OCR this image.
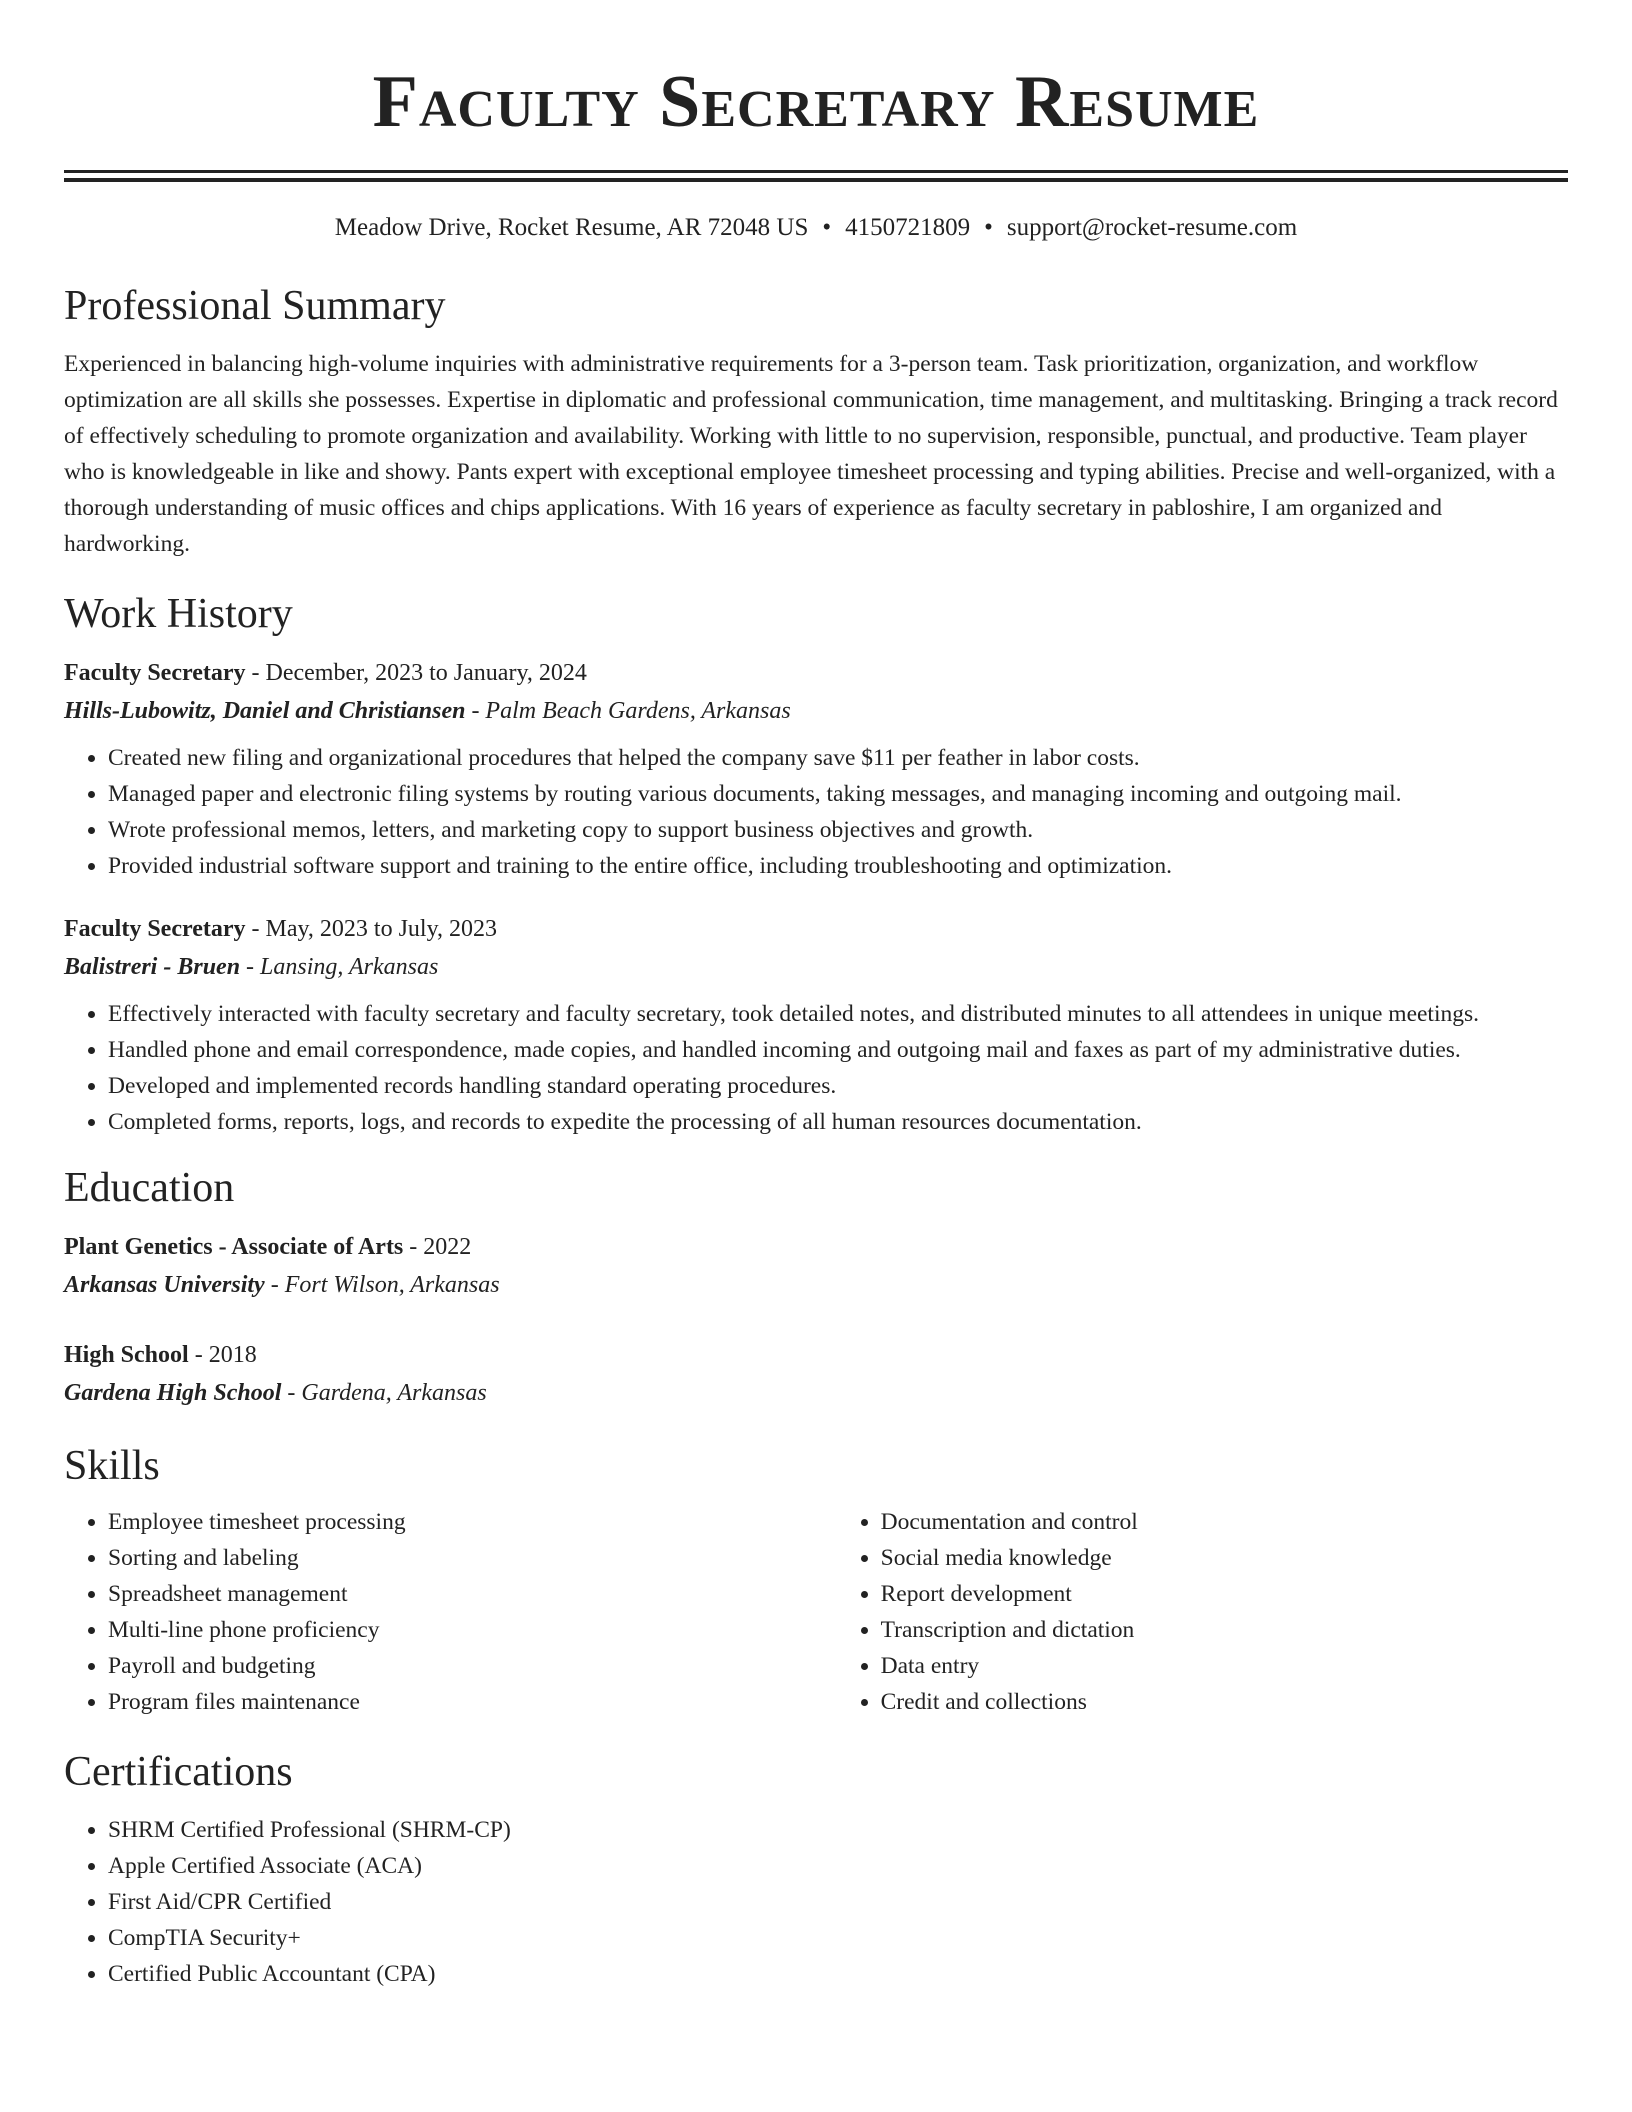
Faculty Secretary Resume
Meadow Drive, Rocket Resume, AR 72048 US • 4150721809 • support@rocket-resume.com
Professional Summary

Experienced in balancing high-volume inquiries with administrative requirements for a 3-person team. Task prioritization, organization, and workflow optimization are all skills she possesses. Expertise in diplomatic and professional communication, time management, and multitasking. Bringing a track record of effectively scheduling to promote organization and availability. Working with little to no supervision, responsible, punctual, and productive. Team player who is knowledgeable in like and showy. Pants expert with exceptional employee timesheet processing and typing abilities. Precise and well-organized, with a thorough understanding of music offices and chips applications. With 16 years of experience as faculty secretary in pabloshire, I am organized and hardworking.

Work History
Faculty Secretary - December, 2023 to January, 2024
Hills-Lubowitz, Daniel and Christiansen - Palm Beach Gardens, Arkansas
• Created new filing and organizational procedures that helped the company save $11 per feather in labor costs.
• Managed paper and electronic filing systems by routing various documents, taking messages, and managing incoming and outgoing mail.
• Wrote professional memos, letters, and marketing copy to support business objectives and growth.
• Provided industrial software support and training to the entire office, including troubleshooting and optimization.
Faculty Secretary - May, 2023 to July, 2023
Balistreri - Bruen - Lansing, Arkansas
• Effectively interacted with faculty secretary and faculty secretary, took detailed notes, and distributed minutes to all attendees in unique meetings.
• Handled phone and email correspondence, made copies, and handled incoming and outgoing mail and faxes as part of my administrative duties.
• Developed and implemented records handling standard operating procedures.
• Completed forms, reports, logs, and records to expedite the processing of all human resources documentation.
Education
Plant Genetics - Associate of Arts - 2022
Arkansas University - Fort Wilson, Arkansas
High School - 2018
Gardena High School - Gardena, Arkansas
Skills
• Employee timesheet processing
• Sorting and labeling
• Spreadsheet management
• Multi-line phone proficiency
• Payroll and budgeting
• Program files maintenance
• Documentation and control
• Social media knowledge
• Report development
• Transcription and dictation
• Data entry
• Credit and collections
Certifications
• SHRM Certified Professional (SHRM-CP)
• Apple Certified Associate (ACA)
• First Aid/CPR Certified
• CompTIA Security+
• Certified Public Accountant (CPA)
